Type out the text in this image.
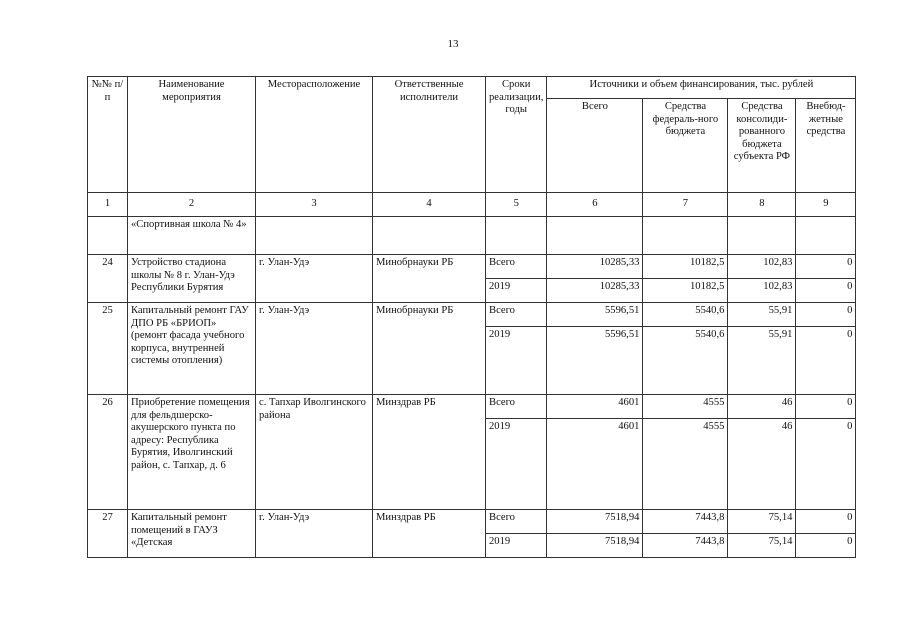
13
№№ п/п	Наименование мероприятия	Месторасположение	Ответственные исполнители	Сроки реализации, годы	Источники и объем финансирования, тыс. рублей			
					Всего	Средства федераль-ного бюджета	Средства консолиди-рованного бюджета субъекта РФ	Внебюд-жетные средства
1	2	3	4	5	6	7	8	9
	«Спортивная школа № 4»							
24	Устройство стадиона школы № 8 г. Улан-Удэ Республики Бурятия	г. Улан-Удэ	Минобрнауки РБ	Всего	10285,33	10182,5	102,83	0
				2019	10285,33	10182,5	102,83	0
25	Капитальный ремонт ГАУ ДПО РБ «БРИОП» (ремонт фасада учебного корпуса, внутренней системы отопления)	г. Улан-Удэ	Минобрнауки РБ	Всего	5596,51	5540,6	55,91	0
				2019	5596,51	5540,6	55,91	0
26	Приобретение помещения для фельдшерско-акушерского пункта по адресу: Республика Бурятия, Иволгинский район, с. Тапхар, д. 6	с. Тапхар Иволгинского района	Минздрав РБ	Всего	4601	4555	46	0
				2019	4601	4555	46	0
27	Капитальный ремонт помещений в ГАУЗ «Детская	г. Улан-Удэ	Минздрав РБ	Всего	7518,94	7443,8	75,14	0
				2019	7518,94	7443,8	75,14	0
